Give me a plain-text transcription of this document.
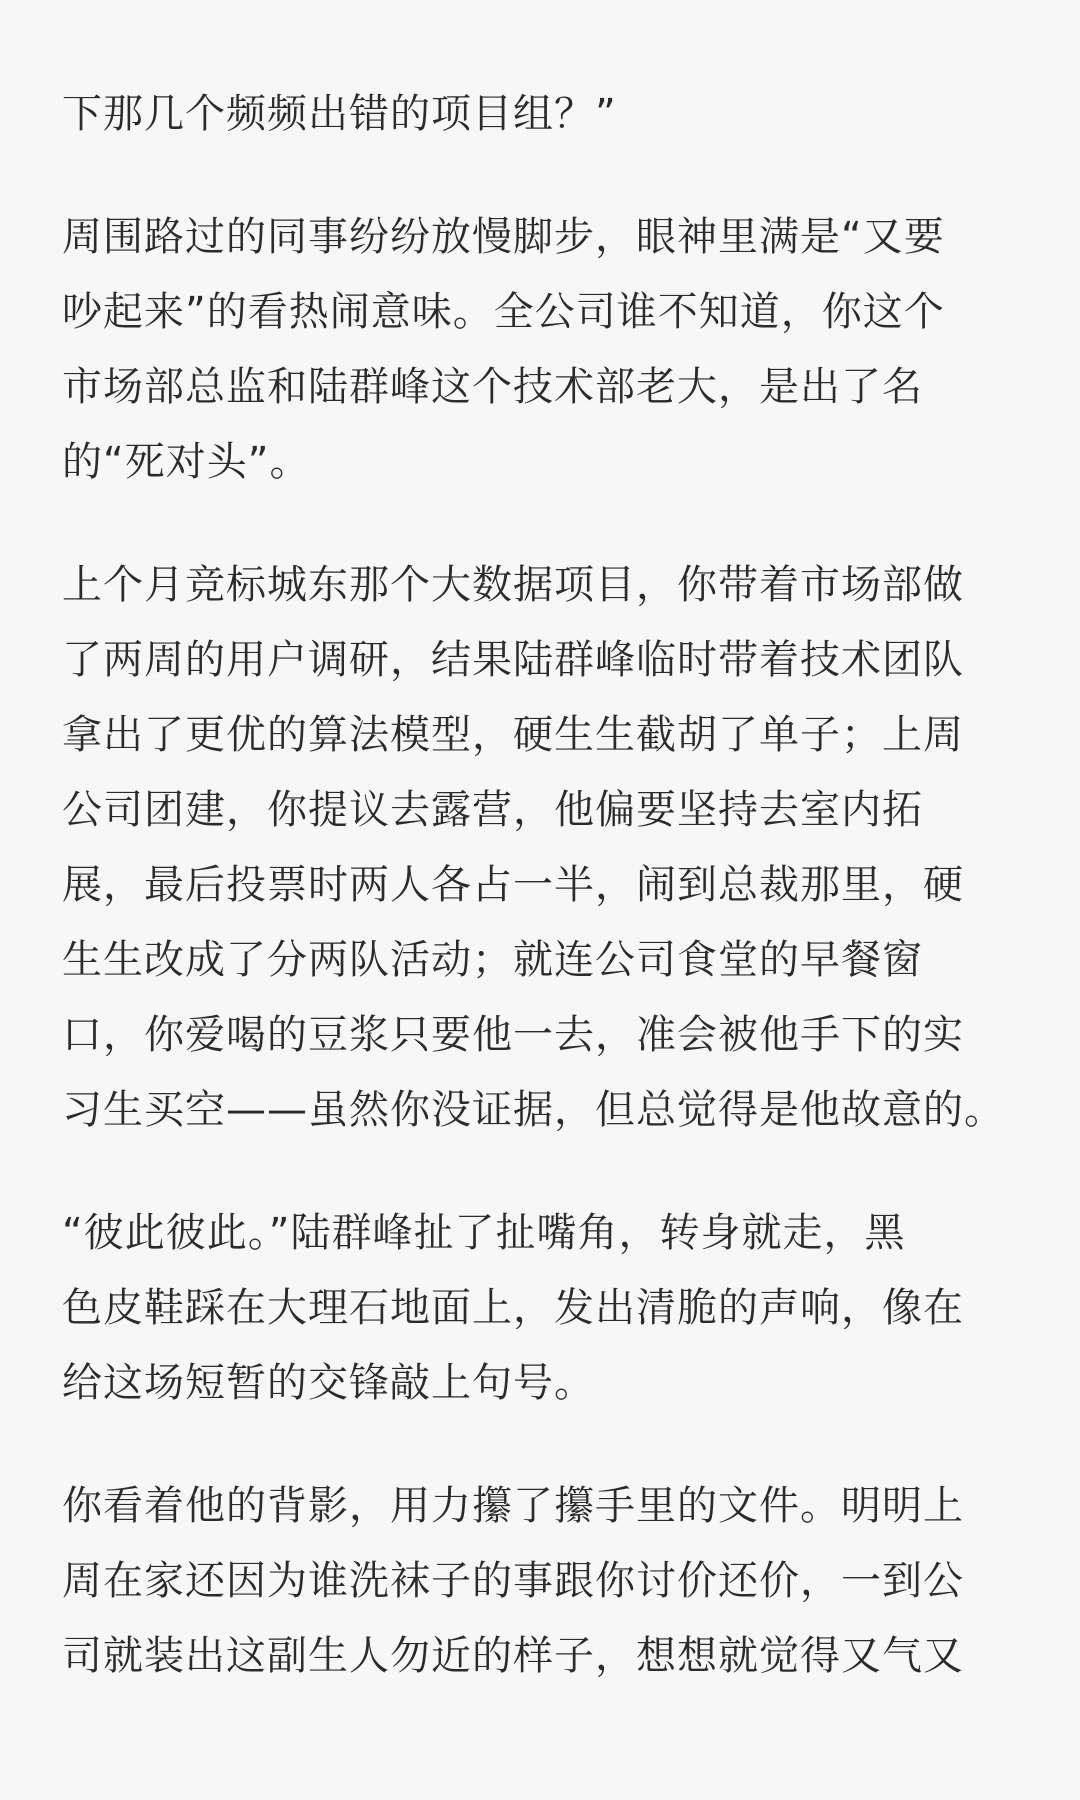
下那几个频频出错的项目组？”
周围路过的同事纷纷放慢脚步，眼神里满是“又要
吵起来”的看热闹意味。全公司谁不知道，你这个
市场部总监和陆群峰这个技术部老大，是出了名
的“死对头”。
上个月竞标城东那个大数据项目，你带着市场部做
了两周的用户调研，结果陆群峰临时带着技术团队
拿出了更优的算法模型，硬生生截胡了单子；上周
公司团建，你提议去露营，他偏要坚持去室内拓
展，最后投票时两人各占一半，闹到总裁那里，硬
生生改成了分两队活动；就连公司食堂的早餐窗
口，你爱喝的豆浆只要他一去，准会被他手下的实
习生买空——虽然你没证据，但总觉得是他故意的。
“彼此彼此。”陆群峰扯了扯嘴角，转身就走，黑
色皮鞋踩在大理石地面上，发出清脆的声响，像在
给这场短暂的交锋敲上句号。
你看着他的背影，用力攥了攥手里的文件。明明上
周在家还因为谁洗袜子的事跟你讨价还价，一到公
司就装出这副生人勿近的样子，想想就觉得又气又
